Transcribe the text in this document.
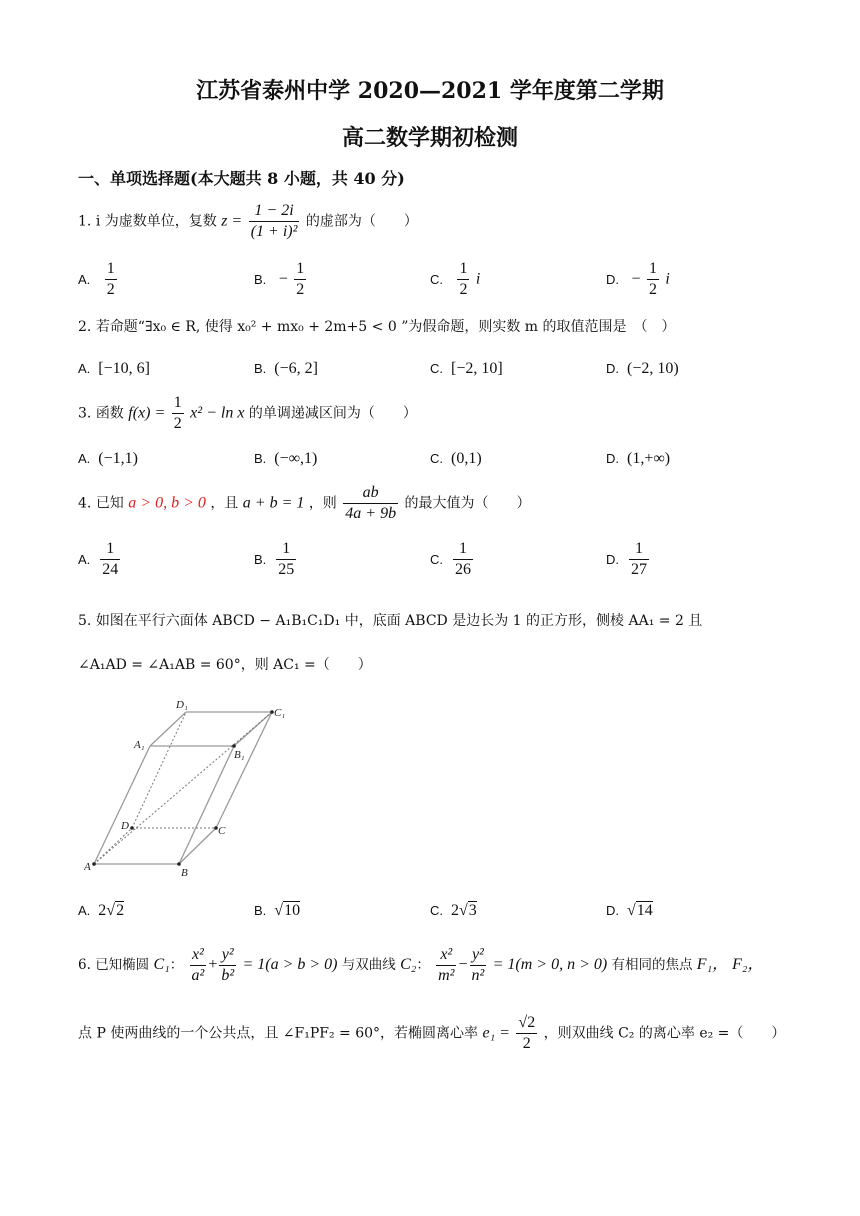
江苏省泰州中学 2020—2021 学年度第二学期
高二数学期初检测
一、单项选择题(本大题共 8 小题，共 40 分)
1. i 为虚数单位，复数 $z = \frac{1 - 2i}{\text{(1 + i)²}}$ 的虚部为（　　）
A. $\frac{1}{2}$	B. − $\frac{1}{2}$	C. $\frac{1}{2}$ i	D. − $\frac{1}{2}$ i
2. 若命题“∃x₀ ∈ R, 使得 x₀² + mx₀ + 2m+5 < 0 ”为假命题，则实数 m 的取值范围是　（　）
A. [−10, 6]	B. (−6, 2]	C. [−2, 10]	D. (−2, 10)
3. 函数 $f(x) = \frac{1}{2} x^2 - \ln x$ 的单调递减区间为（　　）
A. (−1,1)	B. (−∞,1)	C. (0,1)	D. (1,+∞)
4. 已知 a > 0, b > 0 ，且 a + b = 1 ，则 $\frac{ab}{4a + 9b}$ 的最大值为（　　）
A. $\frac{1}{24}$	B. $\frac{1}{25}$	C. $\frac{1}{26}$	D. $\frac{1}{27}$
5. 如图在平行六面体 ABCD − A₁B₁C₁D₁ 中，底面 ABCD 是边长为 1 的正方形，侧棱 AA₁ = 2 且
∠A₁AD = ∠A₁AB = 60°，则 AC₁ =（　　）
D₁
C₁
A₁
B₁
D	C
A	B
A. 2√2	B. √10	C. 2√3	D. √14
6. 已知椭圆 C₁： $\frac{\text{x²}}{\text{a²}} + \frac{\text{y²}}{\text{b²}} = 1(a > b > 0)$ 与双曲线 C₂： $\frac{\text{x²}}{\text{m²}} - \frac{\text{y²}}{\text{n²}} = 1(m > 0$, n > 0) 有相同的焦点 F₁， F₂，
点 P 使两曲线的一个公共点，且 ∠F₁PF₂ = 60°，若椭圆离心率 $e_1 = \frac{√2}{2}$ ，则双曲线 C₂ 的离心率 e₂ =（　　）
